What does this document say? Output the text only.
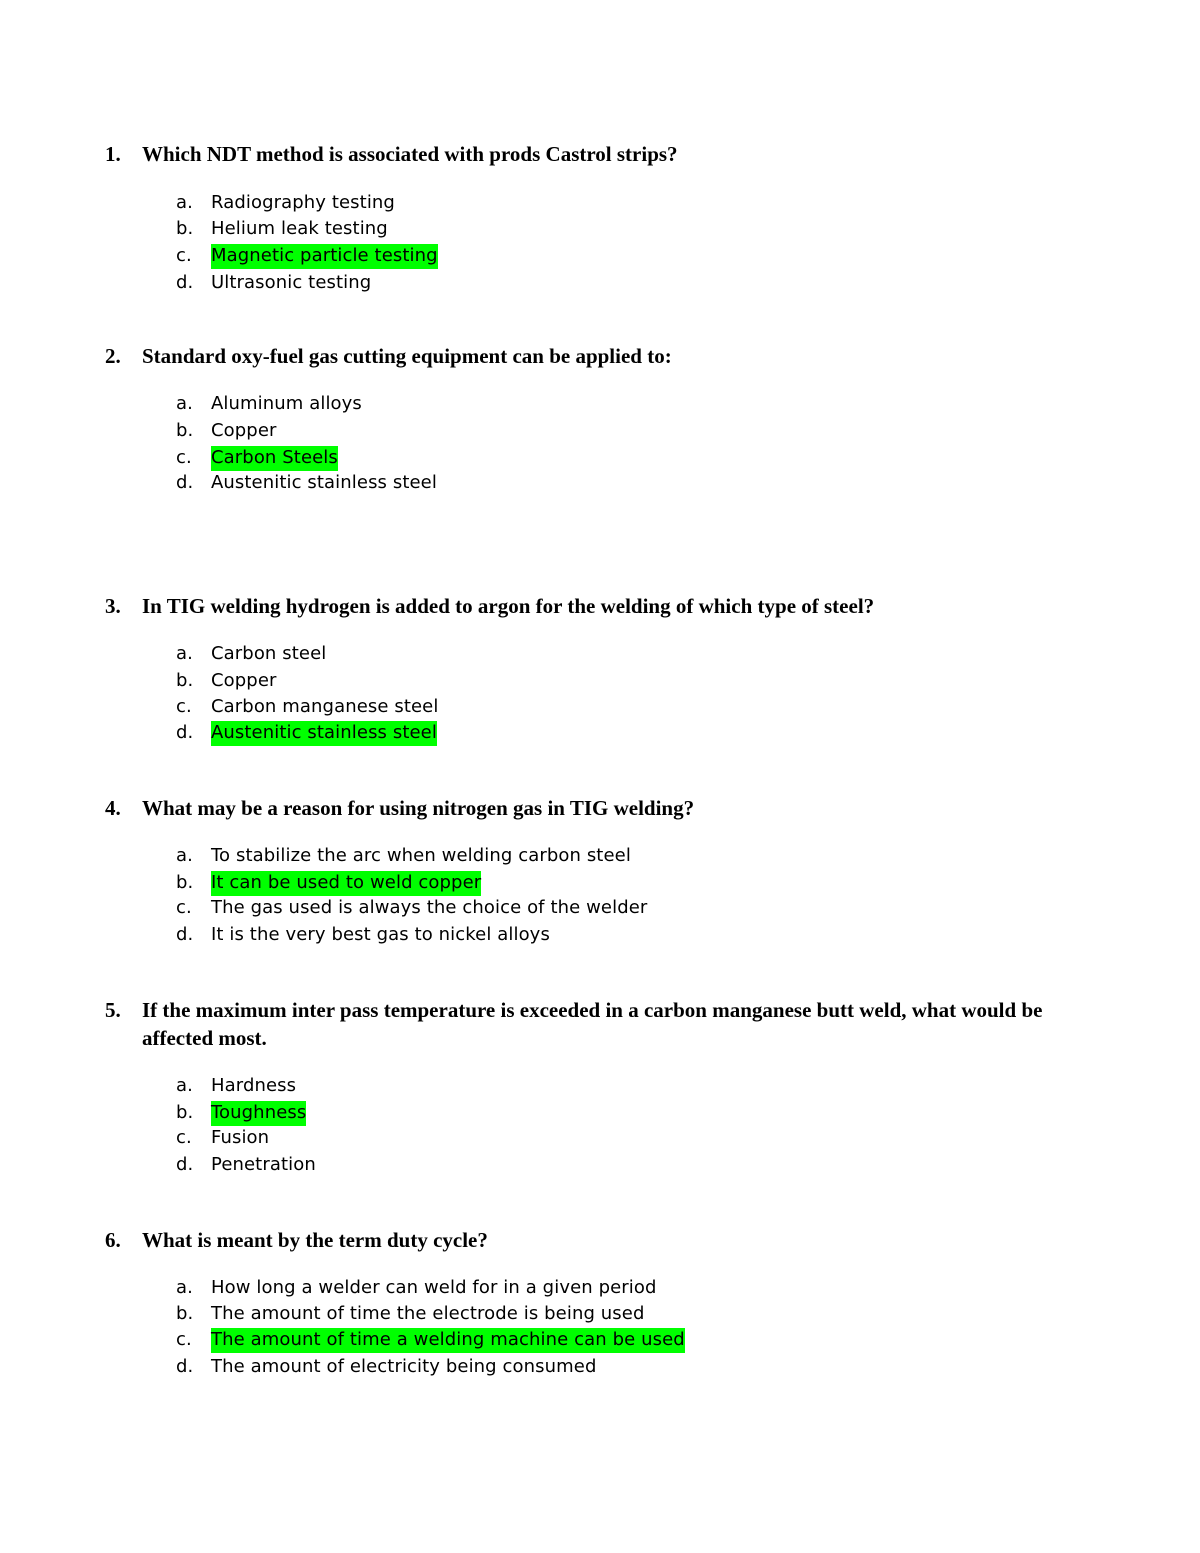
1.	Which NDT method is associated with prods Castrol strips?
a. Radiography testing
b. Helium leak testing
c. Magnetic particle testing
d. Ultrasonic testing
2.	Standard oxy-fuel gas cutting equipment can be applied to:
a. Aluminum alloys
b. Copper
c. Carbon Steels
d. Austenitic stainless steel
3.	In TIG welding hydrogen is added to argon for the welding of which type of steel?
a. Carbon steel
b. Copper
c. Carbon manganese steel
d. Austenitic stainless steel
4.	What may be a reason for using nitrogen gas in TIG welding?
a. To stabilize the arc when welding carbon steel
b. It can be used to weld copper
c. The gas used is always the choice of the welder
d. It is the very best gas to nickel alloys
5.	If the maximum inter pass temperature is exceeded in a carbon manganese butt weld, what would be affected most.
a. Hardness
b. Toughness
c. Fusion
d. Penetration
6.	What is meant by the term duty cycle?
a. How long a welder can weld for in a given period
b. The amount of time the electrode is being used
c. The amount of time a welding machine can be used
d. The amount of electricity being consumed
